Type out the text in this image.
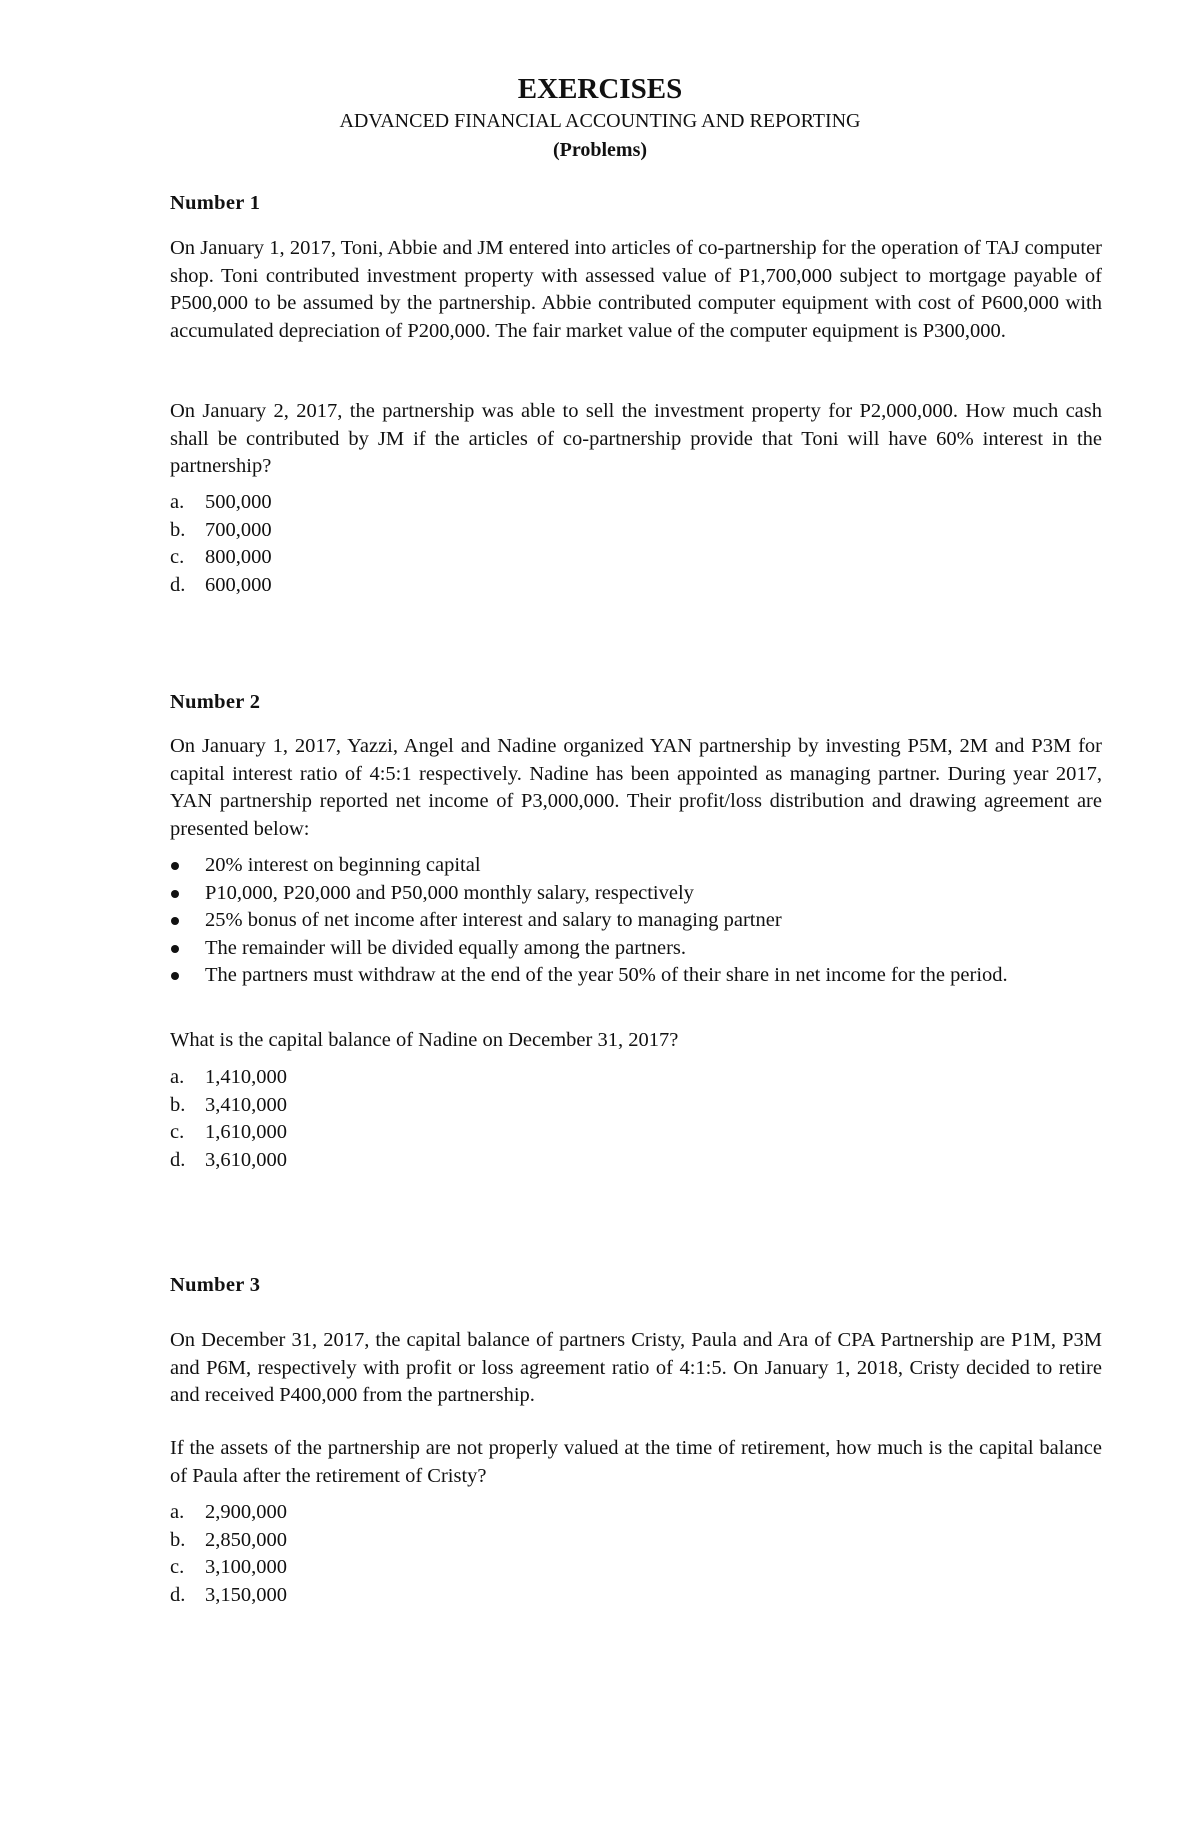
EXERCISES
ADVANCED FINANCIAL ACCOUNTING AND REPORTING
(Problems)
Number 1

On January 1, 2017, Toni, Abbie and JM entered into articles of co-partnership for the operation of TAJ computer shop. Toni contributed investment property with assessed value of P1,700,000 subject to mortgage payable of P500,000 to be assumed by the partnership. Abbie contributed computer equipment with cost of P600,000 with accumulated depreciation of P200,000. The fair market value of the computer equipment is P300,000.

On January 2, 2017, the partnership was able to sell the investment property for P2,000,000. How much cash shall be contributed by JM if the articles of co-partnership provide that Toni will have 60% interest in the partnership?

a.	500,000
b. 700,000
c.	800,000
d. 600,000
Number 2

On January 1, 2017, Yazzi, Angel and Nadine organized YAN partnership by investing P5M, 2M and P3M for capital interest ratio of 4:5:1 respectively. Nadine has been appointed as managing partner. During year 2017, YAN partnership reported net income of P3,000,000. Their profit/loss distribution and drawing agreement are presented below:

20% interest on beginning capital
P10,000, P20,000 and P50,000 monthly salary, respectively
25% bonus of net income after interest and salary to managing partner
The remainder will be divided equally among the partners.
The partners must withdraw at the end of the year 50% of their share in net income for the period.

What is the capital balance of Nadine on December 31, 2017?

a.	1,410,000
b. 3,410,000
c.	1,610,000
d. 3,610,000
Number 3

On December 31, 2017, the capital balance of partners Cristy, Paula and Ara of CPA Partnership are P1M, P3M and P6M, respectively with profit or loss agreement ratio of 4:1:5. On January 1, 2018, Cristy decided to retire and received P400,000 from the partnership.

If the assets of the partnership are not properly valued at the time of retirement, how much is the capital balance of Paula after the retirement of Cristy?

a.	2,900,000
b. 2,850,000
c.	3,100,000
d. 3,150,000
